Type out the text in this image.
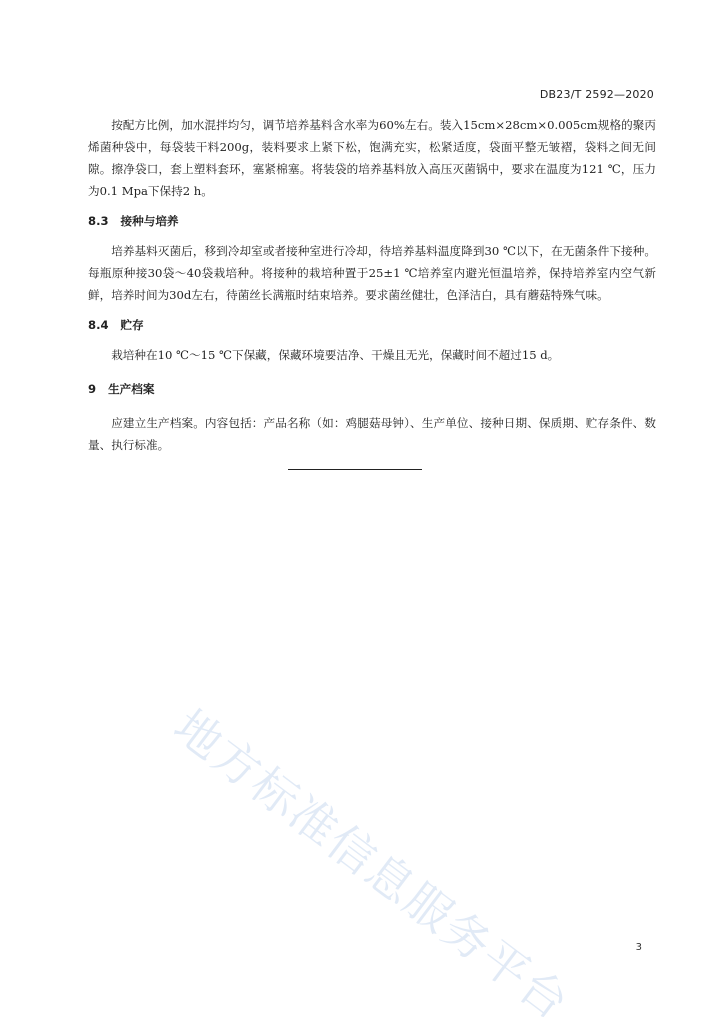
DB23/T 2592—2020

按配方比例，加水混拌均匀，调节培养基料含水率为60%左右。装入15cm×28cm×0.005cm规格的聚丙烯菌种袋中，每袋装干料200g，装料要求上紧下松，饱满充实，松紧适度，袋面平整无皱褶，袋料之间无间隙。擦净袋口，套上塑料套环，塞紧棉塞。将装袋的培养基料放入高压灭菌锅中，要求在温度为121 ℃，压力为0.1 Mpa下保持2 h。

8.3 接种与培养

培养基料灭菌后，移到冷却室或者接种室进行冷却，待培养基料温度降到30 ℃以下，在无菌条件下接种。每瓶原种接30袋～40袋栽培种。将接种的栽培种置于25±1 ℃培养室内避光恒温培养，保持培养室内空气新鲜，培养时间为30d左右，待菌丝长满瓶时结束培养。要求菌丝健壮，色泽洁白，具有蘑菇特殊气味。

8.4 贮存

栽培种在10 ℃～15 ℃下保藏，保藏环境要洁净、干燥且无光，保藏时间不超过15 d。

9 生产档案

应建立生产档案。内容包括：产品名称（如：鸡腿菇母钟）、生产单位、接种日期、保质期、贮存条件、数量、执行标准。

地方标准信息服务平台	3
